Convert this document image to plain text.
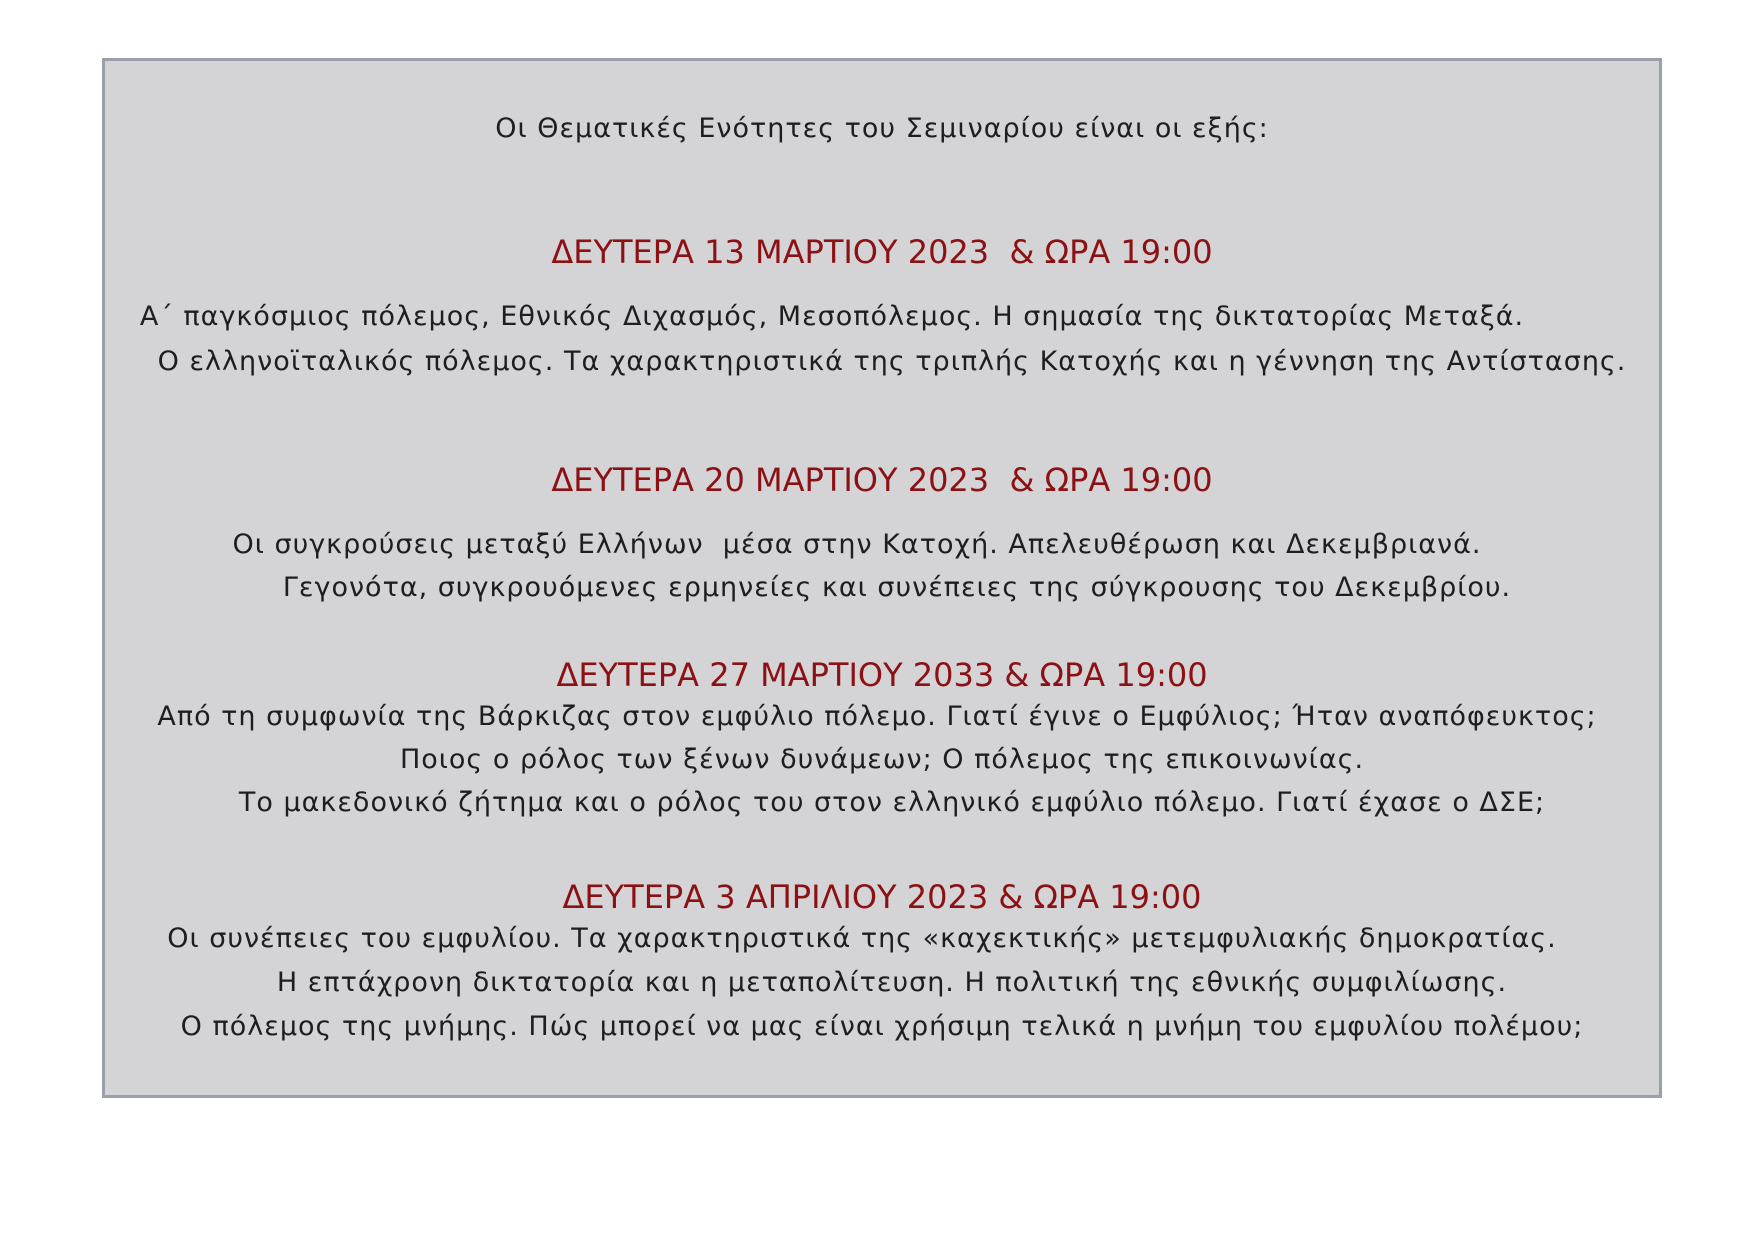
Οι Θεματικές Ενότητες του Σεμιναρίου είναι οι εξής:

ΔΕΥΤΕΡΑ 13 ΜΑΡΤΙΟΥ 2023  & ΩΡΑ 19:00

Α΄ παγκόσμιος πόλεμος, Εθνικός Διχασμός, Μεσοπόλεμος. Η σημασία της δικτατορίας Μεταξά.

Ο ελληνοϊταλικός πόλεμος. Τα χαρακτηριστικά της τριπλής Κατοχής και η γέννηση της Αντίστασης.

ΔΕΥΤΕΡΑ 20 ΜΑΡΤΙΟΥ 2023  & ΩΡΑ 19:00

Οι συγκρούσεις μεταξύ Ελλήνων  μέσα στην Κατοχή. Απελευθέρωση και Δεκεμβριανά.

Γεγονότα, συγκρουόμενες ερμηνείες και συνέπειες της σύγκρουσης του Δεκεμβρίου.

ΔΕΥΤΕΡΑ 27 ΜΑΡΤΙΟΥ 2033 & ΩΡΑ 19:00

Από τη συμφωνία της Βάρκιζας στον εμφύλιο πόλεμο. Γιατί έγινε ο Εμφύλιος; Ήταν αναπόφευκτος;

Ποιος ο ρόλος των ξένων δυνάμεων; Ο πόλεμος της επικοινωνίας.

Το μακεδονικό ζήτημα και ο ρόλος του στον ελληνικό εμφύλιο πόλεμο. Γιατί έχασε ο ΔΣΕ;

ΔΕΥΤΕΡΑ 3 ΑΠΡΙΛΙΟΥ 2023 & ΩΡΑ 19:00

Οι συνέπειες του εμφυλίου. Τα χαρακτηριστικά της «καχεκτικής» μετεμφυλιακής δημοκρατίας.

Η επτάχρονη δικτατορία και η μεταπολίτευση. Η πολιτική της εθνικής συμφιλίωσης.

Ο πόλεμος της μνήμης. Πώς μπορεί να μας είναι χρήσιμη τελικά η μνήμη του εμφυλίου πολέμου;
